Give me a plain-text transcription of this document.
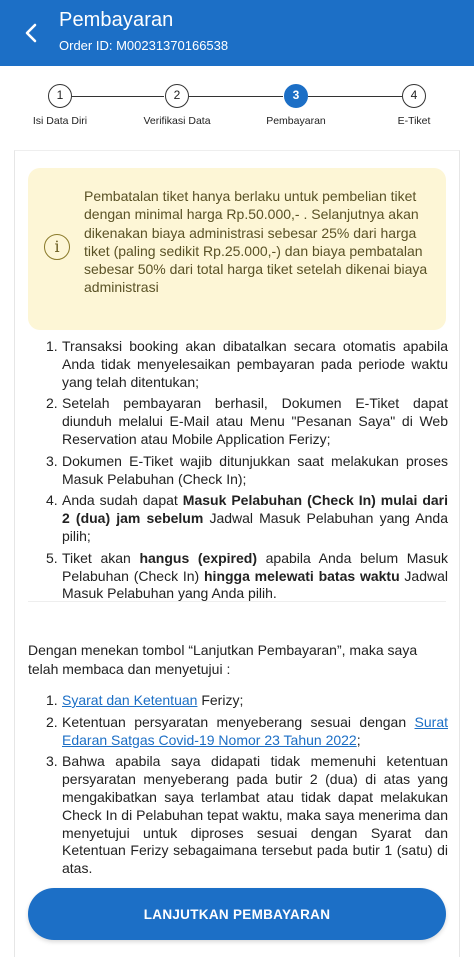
Pembayaran
Order ID: M00231370166538
1
Isi Data Diri
2
Verifikasi Data
3
Pembayaran
4
E-Tiket
i
Pembatalan tiket hanya berlaku untuk pembelian tiket dengan minimal harga Rp.50.000,- . Selanjutnya akan dikenakan biaya administrasi sebesar 25% dari harga tiket (paling sedikit Rp.25.000,-) dan biaya pembatalan sebesar 50% dari total harga tiket setelah dikenai biaya administrasi
1. Transaksi booking akan dibatalkan secara otomatis apabila Anda tidak menyelesaikan pembayaran pada periode waktu yang telah ditentukan;
2. Setelah pembayaran berhasil, Dokumen E-Tiket dapat diunduh melalui E-Mail atau Menu "Pesanan Saya" di Web Reservation atau Mobile Application Ferizy;
3. Dokumen E-Tiket wajib ditunjukkan saat melakukan proses Masuk Pelabuhan (Check In);
4. Anda sudah dapat Masuk Pelabuhan (Check In) mulai dari 2 (dua) jam sebelum Jadwal Masuk Pelabuhan yang Anda pilih;
5. Tiket akan hangus (expired) apabila Anda belum Masuk Pelabuhan (Check In) hingga melewati batas waktu Jadwal Masuk Pelabuhan yang Anda pilih.
Dengan menekan tombol “Lanjutkan Pembayaran”, maka saya telah membaca dan menyetujui :
1. Syarat dan Ketentuan Ferizy;
2. Ketentuan persyaratan menyeberang sesuai dengan Surat Edaran Satgas Covid-19 Nomor 23 Tahun 2022;
3. Bahwa apabila saya didapati tidak memenuhi ketentuan persyaratan menyeberang pada butir 2 (dua) di atas yang mengakibatkan saya terlambat atau tidak dapat melakukan Check In di Pelabuhan tepat waktu, maka saya menerima dan menyetujui untuk diproses sesuai dengan Syarat dan Ketentuan Ferizy sebagaimana tersebut pada butir 1 (satu) di atas.
LANJUTKAN PEMBAYARAN
